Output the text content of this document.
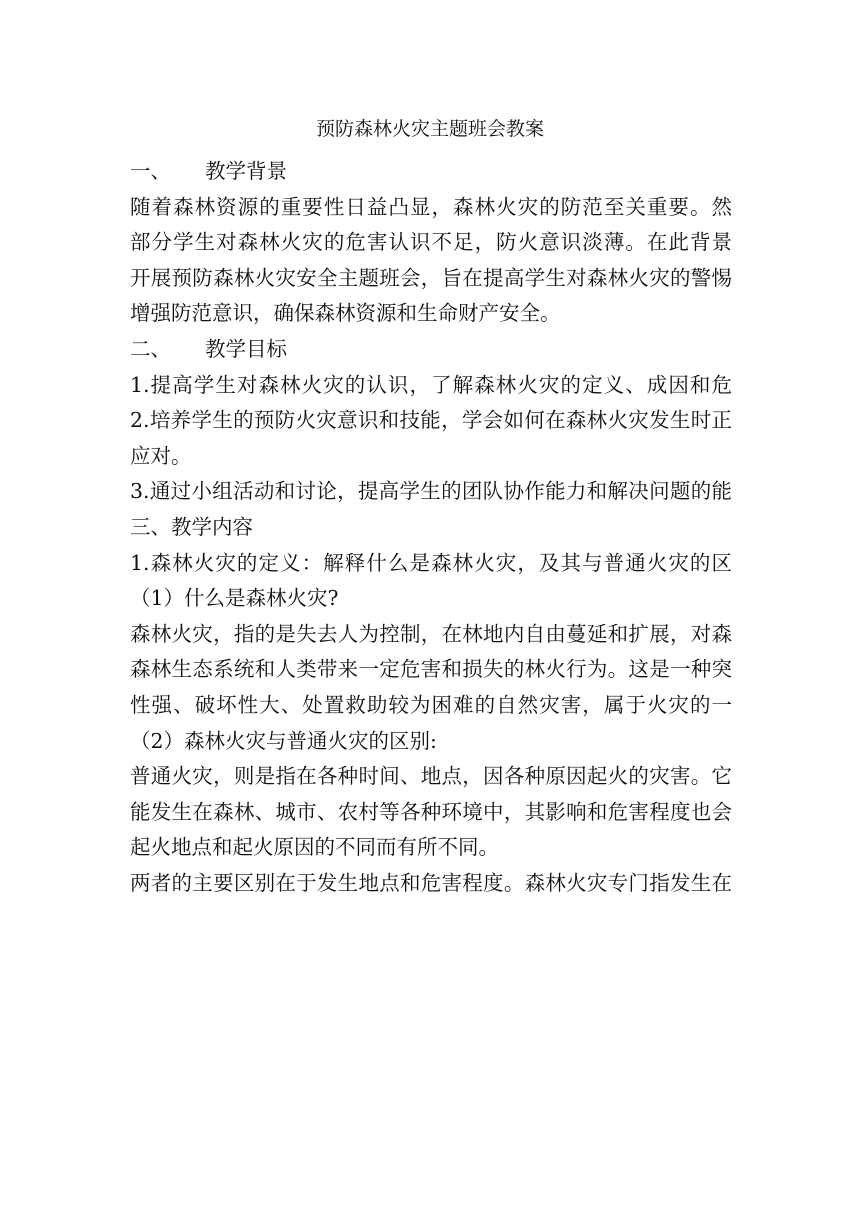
预防森林火灾主题班会教案
一、 教学背景
随着森林资源的重要性日益凸显，森林火灾的防范至关重要。然
部分学生对森林火灾的危害认识不足，防火意识淡薄。在此背景
开展预防森林火灾安全主题班会，旨在提高学生对森林火灾的警惕
增强防范意识，确保森林资源和生命财产安全。
二、 教学目标
1.提高学生对森林火灾的认识，了解森林火灾的定义、成因和危
2.培养学生的预防火灾意识和技能，学会如何在森林火灾发生时正
应对。
3.通过小组活动和讨论，提高学生的团队协作能力和解决问题的能
三、教学内容
1.森林火灾的定义：解释什么是森林火灾，及其与普通火灾的区
（1）什么是森林火灾?
森林火灾，指的是失去人为控制，在林地内自由蔓延和扩展，对森
森林生态系统和人类带来一定危害和损失的林火行为。这是一种突
性强、破坏性大、处置救助较为困难的自然灾害，属于火灾的一
（2）森林火灾与普通火灾的区别:
普通火灾，则是指在各种时间、地点，因各种原因起火的灾害。它
能发生在森林、城市、农村等各种环境中，其影响和危害程度也会
起火地点和起火原因的不同而有所不同。
两者的主要区别在于发生地点和危害程度。森林火灾专门指发生在
